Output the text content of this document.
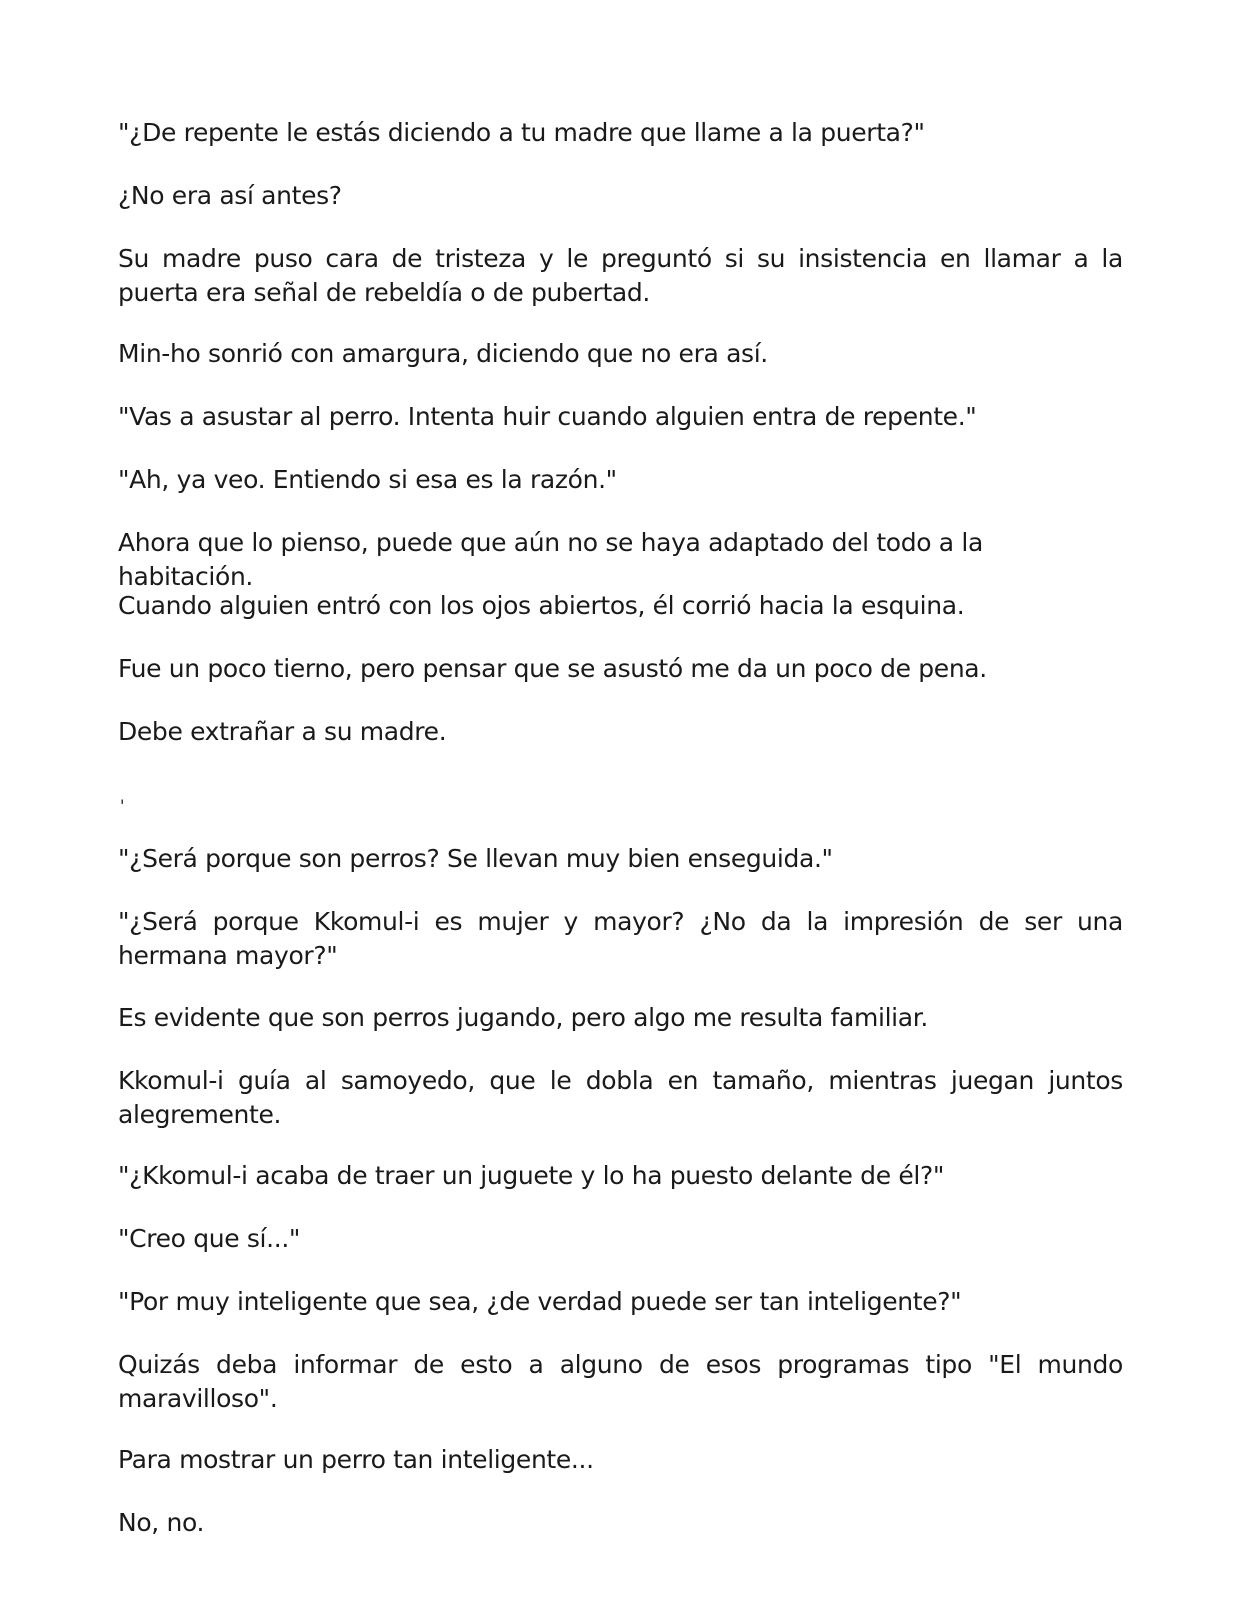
"¿De repente le estás diciendo a tu madre que llame a la puerta?"

¿No era así antes?

Su madre puso cara de tristeza y le preguntó si su insistencia en llamar a la puerta era señal de rebeldía o de pubertad.

Min-ho sonrió con amargura, diciendo que no era así.

"Vas a asustar al perro. Intenta huir cuando alguien entra de repente."

"Ah, ya veo. Entiendo si esa es la razón."

Ahora que lo pienso, puede que aún no se haya adaptado del todo a la habitación.

Cuando alguien entró con los ojos abiertos, él corrió hacia la esquina.

Fue un poco tierno, pero pensar que se asustó me da un poco de pena.

Debe extrañar a su madre.

'

"¿Será porque son perros? Se llevan muy bien enseguida."

"¿Será porque Kkomul-i es mujer y mayor? ¿No da la impresión de ser una hermana mayor?"

Es evidente que son perros jugando, pero algo me resulta familiar.

Kkomul-i guía al samoyedo, que le dobla en tamaño, mientras juegan juntos alegremente.

"¿Kkomul-i acaba de traer un juguete y lo ha puesto delante de él?"

"Creo que sí..."

"Por muy inteligente que sea, ¿de verdad puede ser tan inteligente?"

Quizás deba informar de esto a alguno de esos programas tipo "El mundo maravilloso".

Para mostrar un perro tan inteligente...

No, no.
